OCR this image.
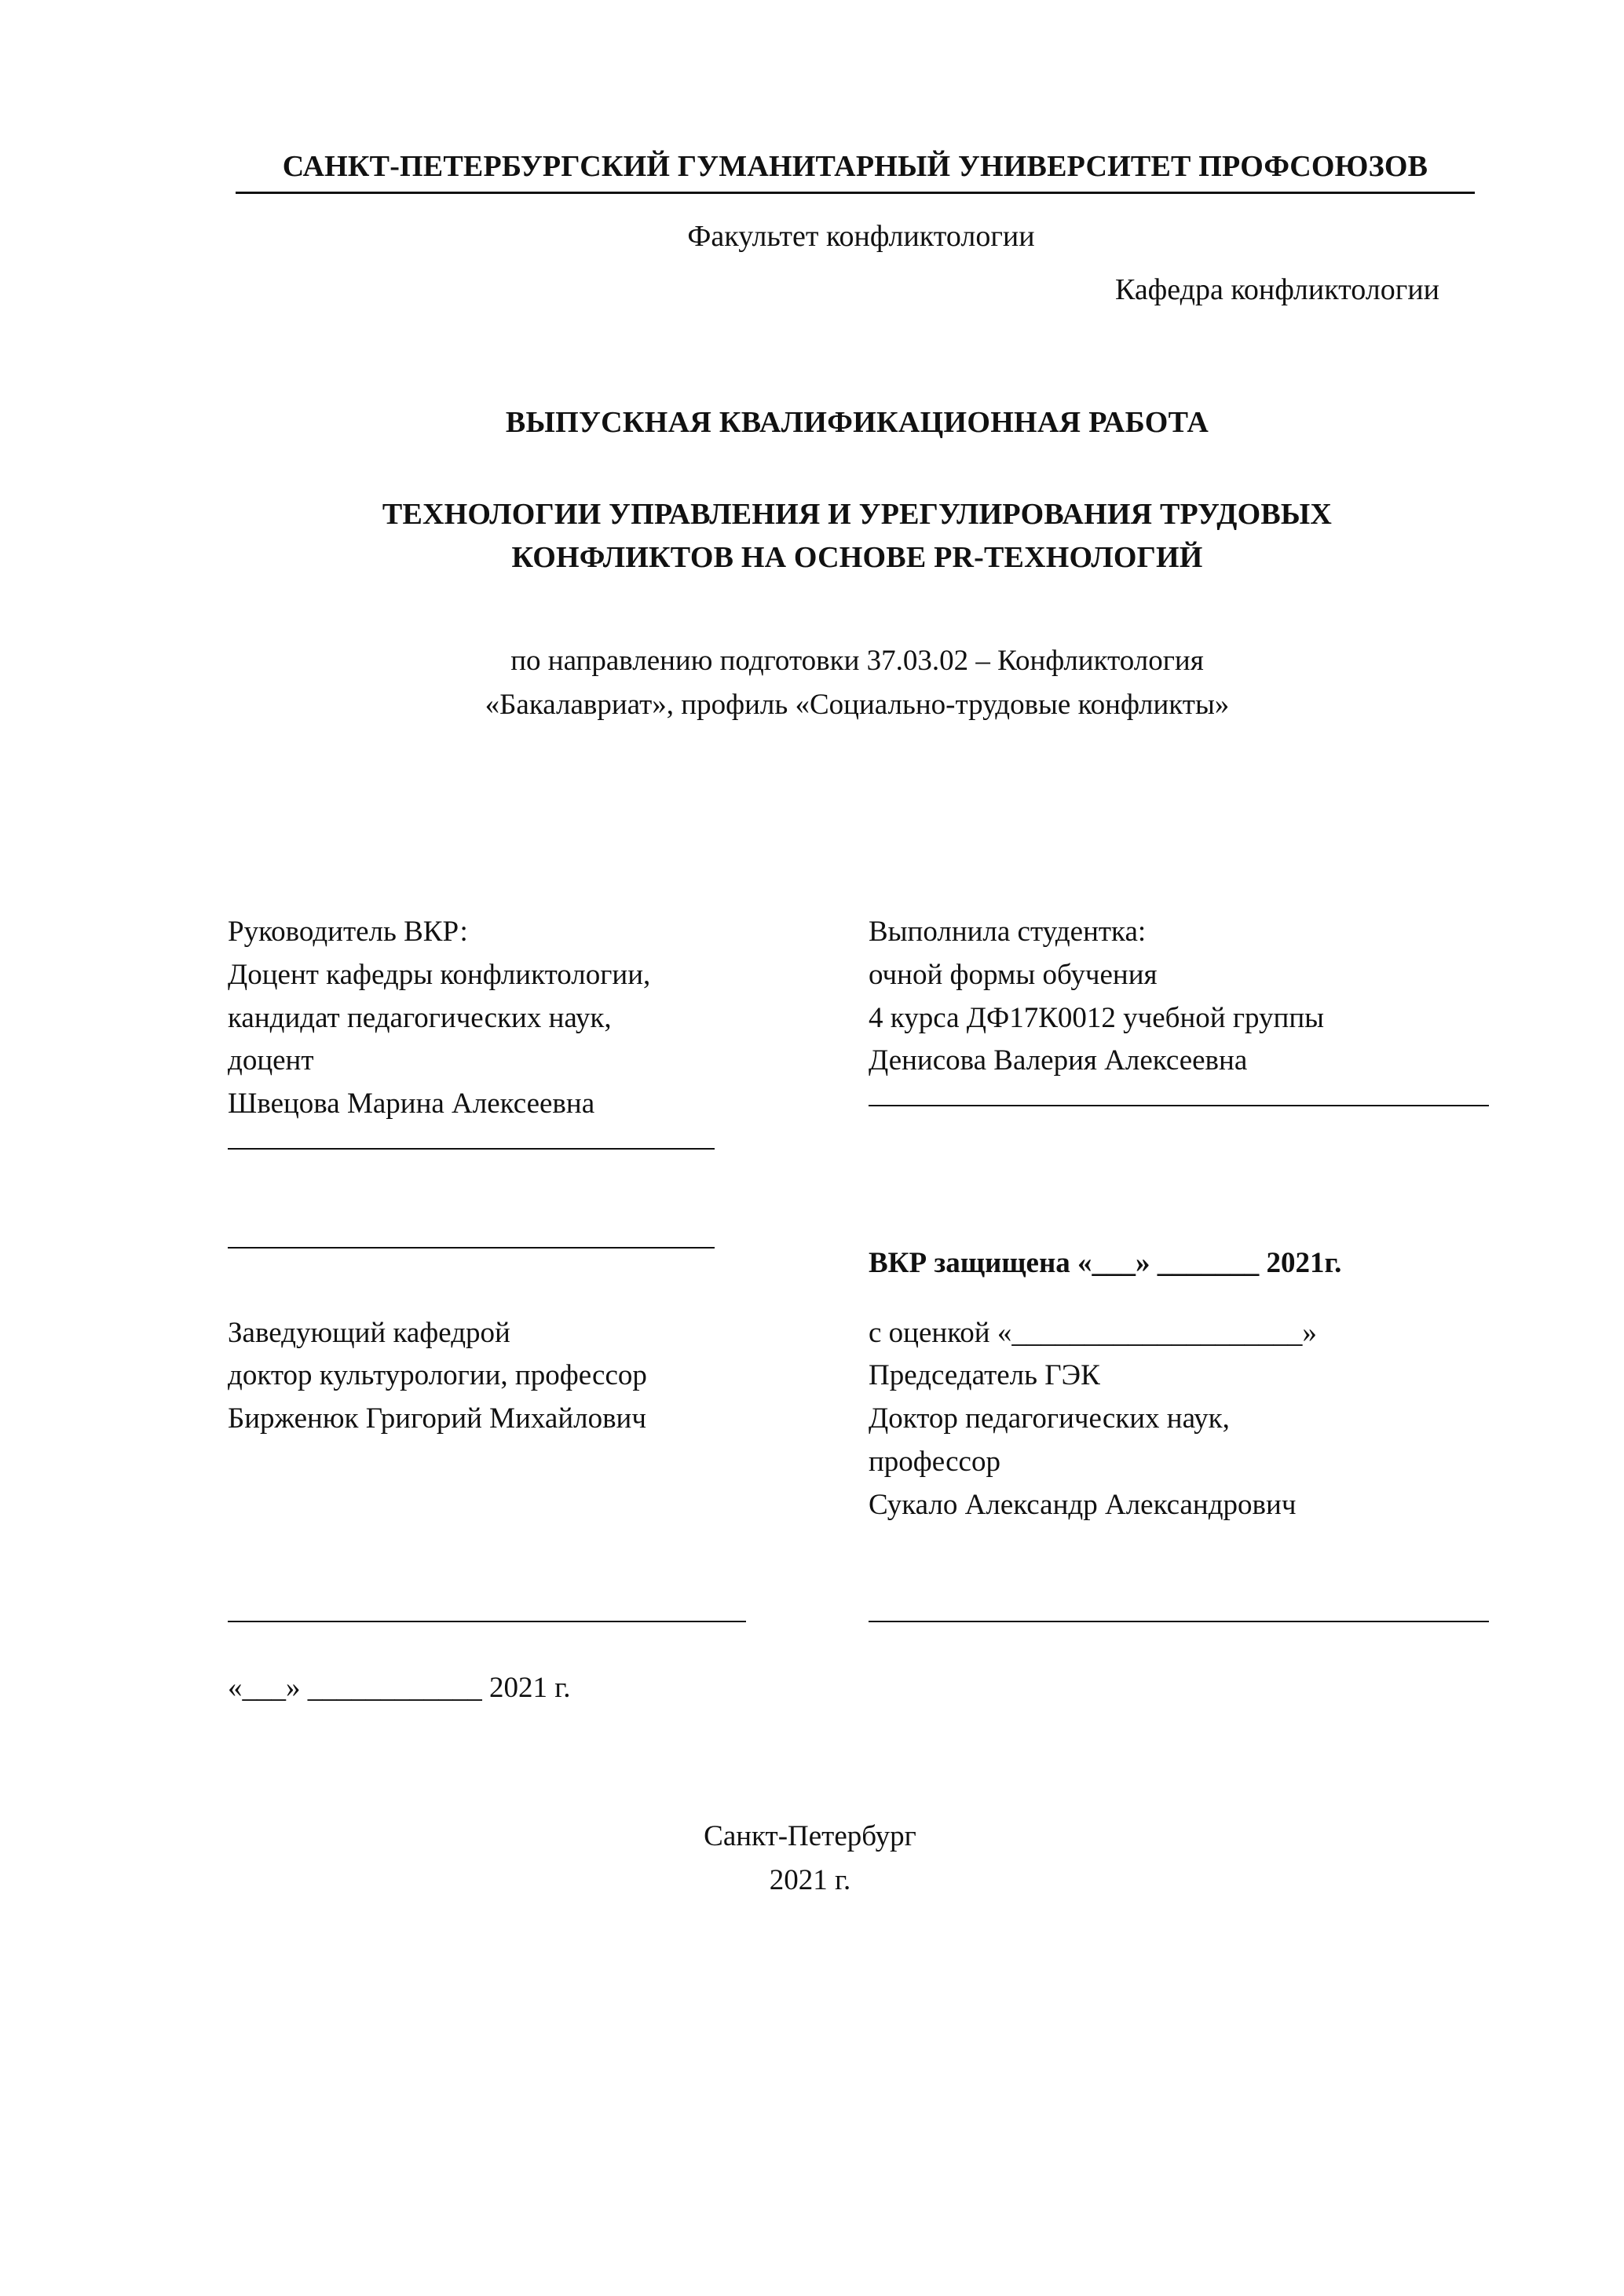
САНКТ-ПЕТЕРБУРГСКИЙ ГУМАНИТАРНЫЙ УНИВЕРСИТЕТ ПРОФСОЮЗОВ
Факультет конфликтологии
Кафедра конфликтологии
ВЫПУСКНАЯ КВАЛИФИКАЦИОННАЯ РАБОТА
ТЕХНОЛОГИИ УПРАВЛЕНИЯ И УРЕГУЛИРОВАНИЯ ТРУДОВЫХ
КОНФЛИКТОВ НА ОСНОВЕ PR-ТЕХНОЛОГИЙ
по направлению подготовки 37.03.02 – Конфликтология
«Бакалавриат», профиль «Социально-трудовые конфликты»
Руководитель ВКР:
Доцент кафедры конфликтологии,
кандидат педагогических наук,
доцент
Швецова Марина Алексеевна
Выполнила студентка:
очной формы обучения
4 курса ДФ17К0012 учебной группы
Денисова Валерия Алексеевна
ВКР защищена «___» _______ 2021г.
Заведующий кафедрой
доктор культурологии, профессор
Бирженюк Григорий Михайлович
с оценкой «____________________»
Председатель ГЭК
Доктор педагогических наук,
профессор
Сукало Александр Александрович
«___» ____________ 2021 г.
Санкт-Петербург
2021 г.
